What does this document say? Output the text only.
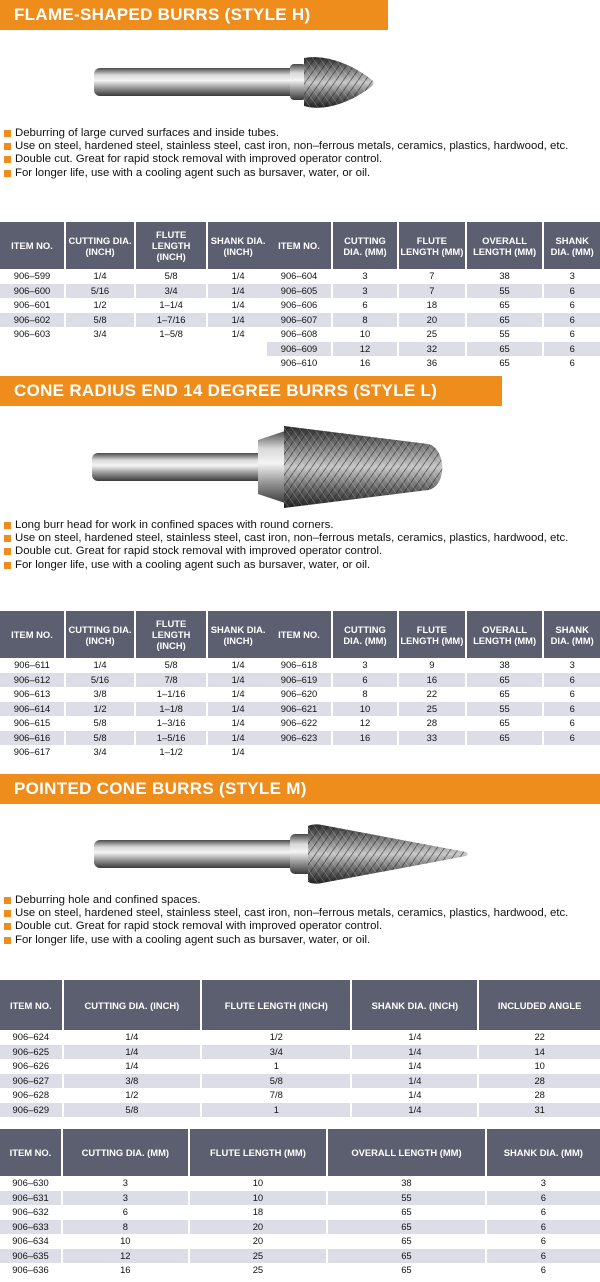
FLAME-SHAPED BURRS (STYLE H)
Deburring of large curved surfaces and inside tubes.
Use on steel, hardened steel, stainless steel, cast iron, non–ferrous metals, ceramics, plastics, hardwood, etc.
Double cut. Great for rapid stock removal with improved operator control.
For longer life, use with a cooling agent such as bursaver, water, or oil.
ITEM NO.	CUTTING DIA. (INCH)	FLUTE LENGTH (INCH)	SHANK DIA. (INCH)
906–599	1/4	5/8	1/4
906–600	5/16	3/4	1/4
906–601	1/2	1–1/4	1/4
906–602	5/8	1–7/16	1/4
906–603	3/4	1–5/8	1/4
ITEM NO.	CUTTING DIA. (MM)	FLUTE LENGTH (MM)	OVERALL LENGTH (MM)	SHANK DIA. (MM)
906–604	3	7	38	3
906–605	3	7	55	6
906–606	6	18	65	6
906–607	8	20	65	6
906–608	10	25	55	6
906–609	12	32	65	6
906–610	16	36	65	6
CONE RADIUS END 14 DEGREE BURRS (STYLE L)
Long burr head for work in confined spaces with round corners.
Use on steel, hardened steel, stainless steel, cast iron, non–ferrous metals, ceramics, plastics, hardwood, etc.
Double cut. Great for rapid stock removal with improved operator control.
For longer life, use with a cooling agent such as bursaver, water, or oil.
ITEM NO.	CUTTING DIA. (INCH)	FLUTE LENGTH (INCH)	SHANK DIA. (INCH)
906–611	1/4	5/8	1/4
906–612	5/16	7/8	1/4
906–613	3/8	1–1/16	1/4
906–614	1/2	1–1/8	1/4
906–615	5/8	1–3/16	1/4
906–616	5/8	1–5/16	1/4
906–617	3/4	1–1/2	1/4
ITEM NO.	CUTTING DIA. (MM)	FLUTE LENGTH (MM)	OVERALL LENGTH (MM)	SHANK DIA. (MM)
906–618	3	9	38	3
906–619	6	16	65	6
906–620	8	22	65	6
906–621	10	25	55	6
906–622	12	28	65	6
906–623	16	33	65	6
POINTED CONE BURRS (STYLE M)
Deburring hole and confined spaces.
Use on steel, hardened steel, stainless steel, cast iron, non–ferrous metals, ceramics, plastics, hardwood, etc.
Double cut. Great for rapid stock removal with improved operator control.
For longer life, use with a cooling agent such as bursaver, water, or oil.
ITEM NO.	CUTTING DIA. (INCH)	FLUTE LENGTH (INCH)	SHANK DIA. (INCH)	INCLUDED ANGLE
906–624	1/4	1/2	1/4	22
906–625	1/4	3/4	1/4	14
906–626	1/4	1	1/4	10
906–627	3/8	5/8	1/4	28
906–628	1/2	7/8	1/4	28
906–629	5/8	1	1/4	31
ITEM NO.	CUTTING DIA. (MM)	FLUTE LENGTH (MM)	OVERALL LENGTH (MM)	SHANK DIA. (MM)
906–630	3	10	38	3
906–631	3	10	55	6
906–632	6	18	65	6
906–633	8	20	65	6
906–634	10	20	65	6
906–635	12	25	65	6
906–636	16	25	65	6
